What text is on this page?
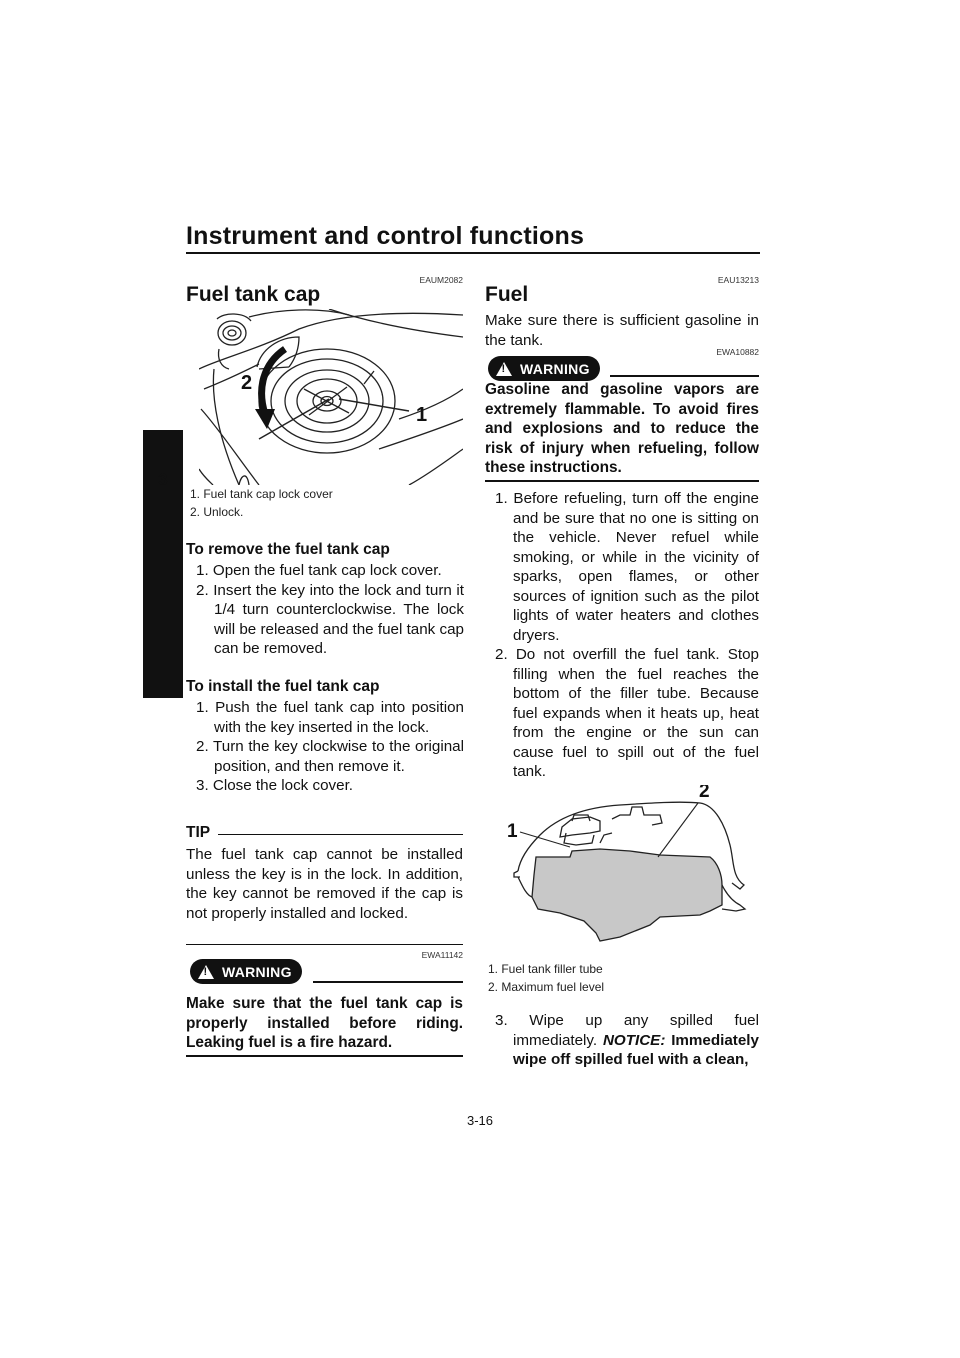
Instrument and control functions
3
EAUM2082
Fuel tank cap
2
1
1. Fuel tank cap lock cover
2. Unlock.
To remove the fuel tank cap
1. Open the fuel tank cap lock cover.
2. Insert the key into the lock and turn it 1/4 turn counterclockwise. The lock will be released and the fuel tank cap can be removed.
To install the fuel tank cap
1. Push the fuel tank cap into position with the key inserted in the lock.
2. Turn the key clockwise to the original position, and then remove it.
3. Close the lock cover.
TIP
The fuel tank cap cannot be installed unless the key is in the lock. In addition, the key cannot be removed if the cap is not properly installed and locked.
EWA11142
!
WARNING
Make sure that the fuel tank cap is properly installed before riding. Leaking fuel is a fire hazard.
EAU13213
Fuel
Make sure there is sufficient gasoline in the tank.
EWA10882
!
WARNING
Gasoline and gasoline vapors are extremely flammable. To avoid fires and explosions and to reduce the risk of injury when refueling, follow these instructions.
1. Before refueling, turn off the engine and be sure that no one is sitting on the vehicle. Never refuel while smoking, or while in the vicinity of sparks, open flames, or other sources of ignition such as the pilot lights of water heaters and clothes dryers.
2. Do not overfill the fuel tank. Stop filling when the fuel reaches the bottom of the filler tube. Because fuel expands when it heats up, heat from the engine or the sun can cause fuel to spill out of the fuel tank.
1
2
1. Fuel tank filler tube
2. Maximum fuel level
3. Wipe up any spilled fuel immediately. NOTICE: Immediately wipe off spilled fuel with a clean,
3-16
